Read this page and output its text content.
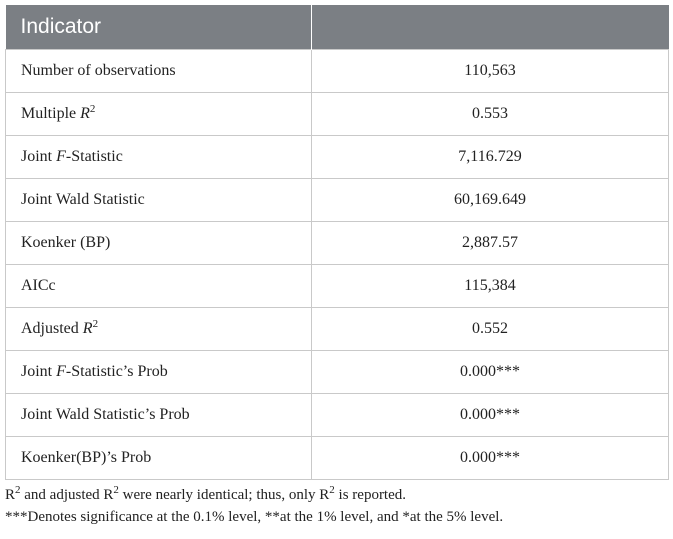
Indicator	
Number of observations	110,563
Multiple $R^2$	0.553
Joint F-Statistic	7,116.729
Joint Wald Statistic	60,169.649
Koenker (BP)	2,887.57
AICc	115,384
Adjusted $R^2$	0.552
Joint F-Statistic’s Prob	0.000***
Joint Wald Statistic’s Prob	0.000***
Koenker(BP)’s Prob	0.000***

$R^2$ and adjusted $R^2$ were nearly identical; thus, only $R^2$ is reported.

***Denotes significance at the 0.1% level, **at the 1% level, and *at the 5% level.
